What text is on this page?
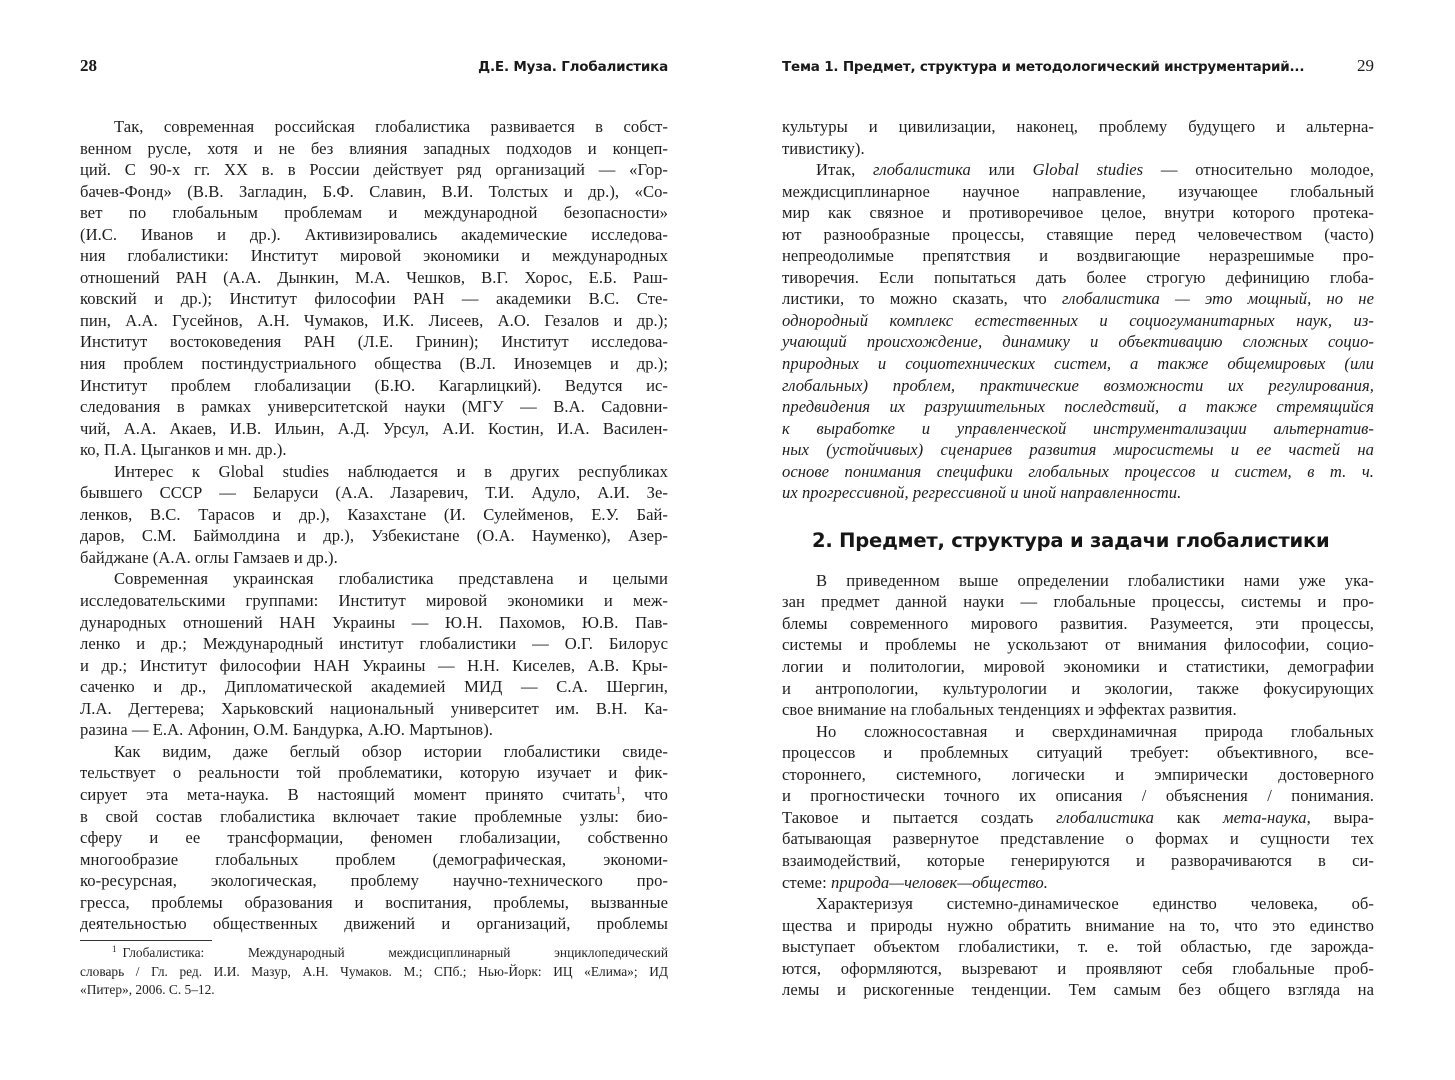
28	Д.Е. Муза. Глобалистика
Так, современная российская глобалистика развивается в собст-
венном русле, хотя и не без влияния западных подходов и концеп-
ций. С 90-х гг. XX в. в России действует ряд организаций — «Гор-
бачев-Фонд» (В.В. Загладин, Б.Ф. Славин, В.И. Толстых и др.), «Со-
вет по глобальным проблемам и международной безопасности»
(И.С. Иванов и др.). Активизировались академические исследова-
ния глобалистики: Институт мировой экономики и международных
отношений РАН (А.А. Дынкин, М.А. Чешков, В.Г. Хорос, Е.Б. Раш-
ковский и др.); Институт философии РАН — академики В.С. Сте-
пин, А.А. Гусейнов, А.Н. Чумаков, И.К. Лисеев, А.О. Гезалов и др.);
Институт востоковедения РАН (Л.Е. Гринин); Институт исследова-
ния проблем постиндустриального общества (В.Л. Иноземцев и др.);
Институт проблем глобализации (Б.Ю. Кагарлицкий). Ведутся ис-
следования в рамках университетской науки (МГУ — В.А. Садовни-
чий, А.А. Акаев, И.В. Ильин, А.Д. Урсул, А.И. Костин, И.А. Василен-
ко, П.А. Цыганков и мн. др.).
Интерес к Global studies наблюдается и в других республиках
бывшего СССР — Беларуси (А.А. Лазаревич, Т.И. Адуло, А.И. Зе-
ленков, В.С. Тарасов и др.), Казахстане (И. Сулейменов, Е.У. Бай-
даров, С.М. Баймолдина и др.), Узбекистане (О.А. Науменко), Азер-
байджане (А.А. оглы Гамзаев и др.).
Современная украинская глобалистика представлена и целыми
исследовательскими группами: Институт мировой экономики и меж-
дународных отношений НАН Украины — Ю.Н. Пахомов, Ю.В. Пав-
ленко и др.; Международный институт глобалистики — О.Г. Билорус
и др.; Институт философии НАН Украины — Н.Н. Киселев, А.В. Кры-
саченко и др., Дипломатической академией МИД — С.А. Шергин,
Л.А. Дегтерева; Харьковский национальный университет им. В.Н. Ка-
разина — Е.А. Афонин, О.М. Бандурка, А.Ю. Мартынов).
Как видим, даже беглый обзор истории глобалистики свиде-
тельствует о реальности той проблематики, которую изучает и фик-
сирует эта мета-наука. В настоящий момент принято считать$^1$, что
в свой состав глобалистика включает такие проблемные узлы: био-
сферу и ее трансформации, феномен глобализации, собственно
многообразие глобальных проблем (демографическая, экономи-
ко-ресурсная, экологическая, проблему научно-технического про-
гресса, проблемы образования и воспитания, проблемы, вызванные
деятельностью общественных движений и организаций, проблемы
$^1$ Глобалистика: Международный междисциплинарный энциклопедический
словарь / Гл. ред. И.И. Мазур, А.Н. Чумаков. М.; СПб.; Нью-Йорк: ИЦ «Елима»; ИД
«Питер», 2006. С. 5–12.
Тема 1. Предмет, структура и методологический инструментарий...	29
культуры и цивилизации, наконец, проблему будущего и альтерна-
тивистику).
Итак, глобалистика или Global studies — относительно молодое,
междисциплинарное научное направление, изучающее глобальный
мир как связное и противоречивое целое, внутри которого протека-
ют разнообразные процессы, ставящие перед человечеством (часто)
непреодолимые препятствия и воздвигающие неразрешимые про-
тиворечия. Если попытаться дать более строгую дефиницию глоба-
листики, то можно сказать, что глобалистика — это мощный, но не
однородный комплекс естественных и социогуманитарных наук, из-
учающий происхождение, динамику и объективацию сложных социо-
природных и социотехнических систем, а также общемировых (или
глобальных) проблем, практические возможности их регулирования,
предвидения их разрушительных последствий, а также стремящийся
к выработке и управленческой инструментализации альтернатив-
ных (устойчивых) сценариев развития миросистемы и ее частей на
основе понимания специфики глобальных процессов и систем, в т. ч.
их прогрессивной, регрессивной и иной направленности.
2. Предмет, структура и задачи глобалистики
В приведенном выше определении глобалистики нами уже ука-
зан предмет данной науки — глобальные процессы, системы и про-
блемы современного мирового развития. Разумеется, эти процессы,
системы и проблемы не ускользают от внимания философии, социо-
логии и политологии, мировой экономики и статистики, демографии
и антропологии, культурологии и экологии, также фокусирующих
свое внимание на глобальных тенденциях и эффектах развития.
Но сложносоставная и сверхдинамичная природа глобальных
процессов и проблемных ситуаций требует: объективного, все-
стороннего, системного, логически и эмпирически достоверного
и прогностически точного их описания / объяснения / понимания.
Таковое и пытается создать глобалистика как мета-наука, выра-
батывающая развернутое представление о формах и сущности тех
взаимодействий, которые генерируются и разворачиваются в си-
стеме: природа—человек—общество.
Характеризуя системно-динамическое единство человека, об-
щества и природы нужно обратить внимание на то, что это единство
выступает объектом глобалистики, т. е. той областью, где зарожда-
ются, оформляются, вызревают и проявляют себя глобальные проб-
лемы и рискогенные тенденции. Тем самым без общего взгляда на
